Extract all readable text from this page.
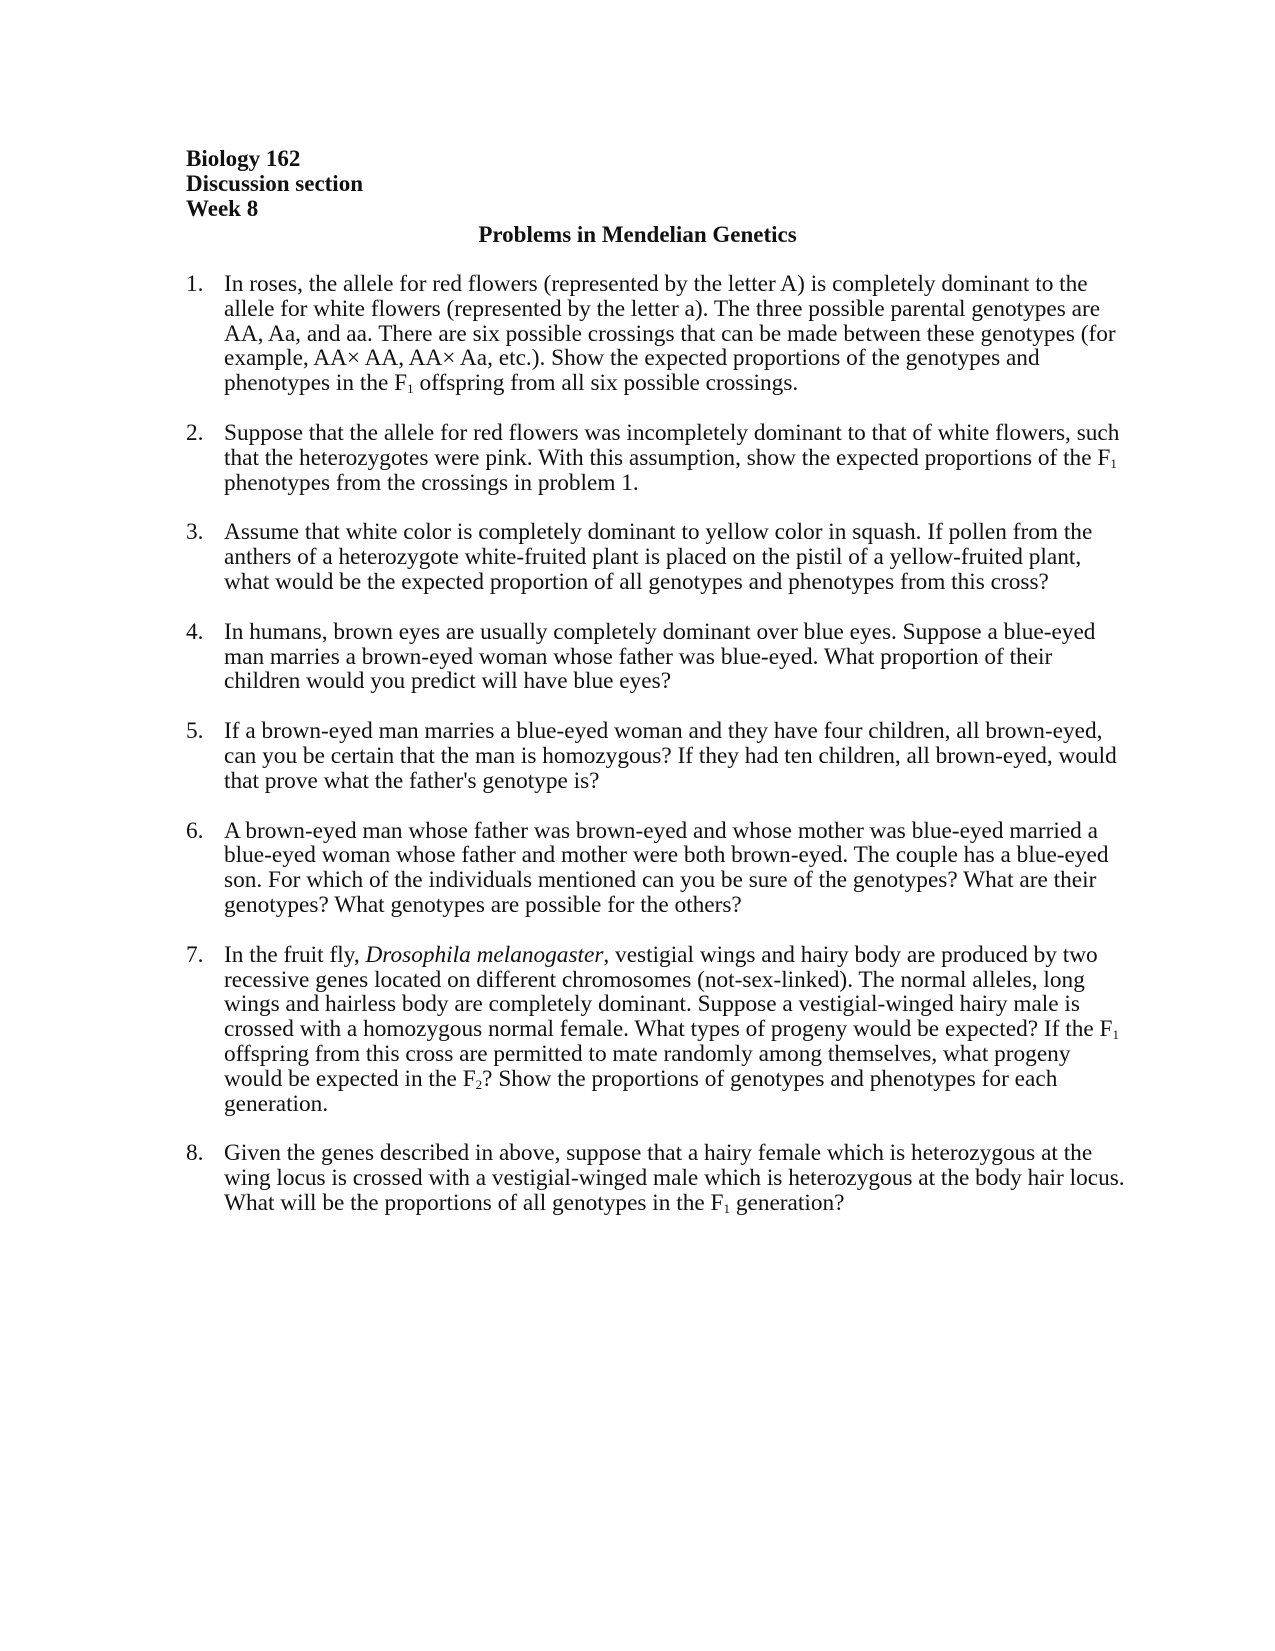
Biology 162
Discussion section
Week 8
Problems in Mendelian Genetics
1. In roses, the allele for red flowers (represented by the letter A) is completely dominant to the allele for white flowers (represented by the letter a). The three possible parental genotypes are AA, Aa, and aa. There are six possible crossings that can be made between these genotypes (for example, AA× AA, AA× Aa, etc.). Show the expected proportions of the genotypes and phenotypes in the $F_1$ offspring from all six possible crossings.
2. Suppose that the allele for red flowers was incompletely dominant to that of white flowers, such that the heterozygotes were pink. With this assumption, show the expected proportions of the $F_1$ phenotypes from the crossings in problem 1.
3. Assume that white color is completely dominant to yellow color in squash. If pollen from the anthers of a heterozygote white-fruited plant is placed on the pistil of a yellow-fruited plant, what would be the expected proportion of all genotypes and phenotypes from this cross?
4. In humans, brown eyes are usually completely dominant over blue eyes. Suppose a blue-eyed man marries a brown-eyed woman whose father was blue-eyed. What proportion of their children would you predict will have blue eyes?
5. If a brown-eyed man marries a blue-eyed woman and they have four children, all brown-eyed, can you be certain that the man is homozygous? If they had ten children, all brown-eyed, would that prove what the father's genotype is?
6. A brown-eyed man whose father was brown-eyed and whose mother was blue-eyed married a blue-eyed woman whose father and mother were both brown-eyed. The couple has a blue-eyed son. For which of the individuals mentioned can you be sure of the genotypes? What are their genotypes? What genotypes are possible for the others?
7. In the fruit fly, Drosophila melanogaster, vestigial wings and hairy body are produced by two recessive genes located on different chromosomes (not-sex-linked). The normal alleles, long wings and hairless body are completely dominant. Suppose a vestigial-winged hairy male is crossed with a homozygous normal female. What types of progeny would be expected? If the $F_1$ offspring from this cross are permitted to mate randomly among themselves, what progeny would be expected in the $F_2$? Show the proportions of genotypes and phenotypes for each generation.
8. Given the genes described in above, suppose that a hairy female which is heterozygous at the wing locus is crossed with a vestigial-winged male which is heterozygous at the body hair locus. What will be the proportions of all genotypes in the $F_1$ generation?
